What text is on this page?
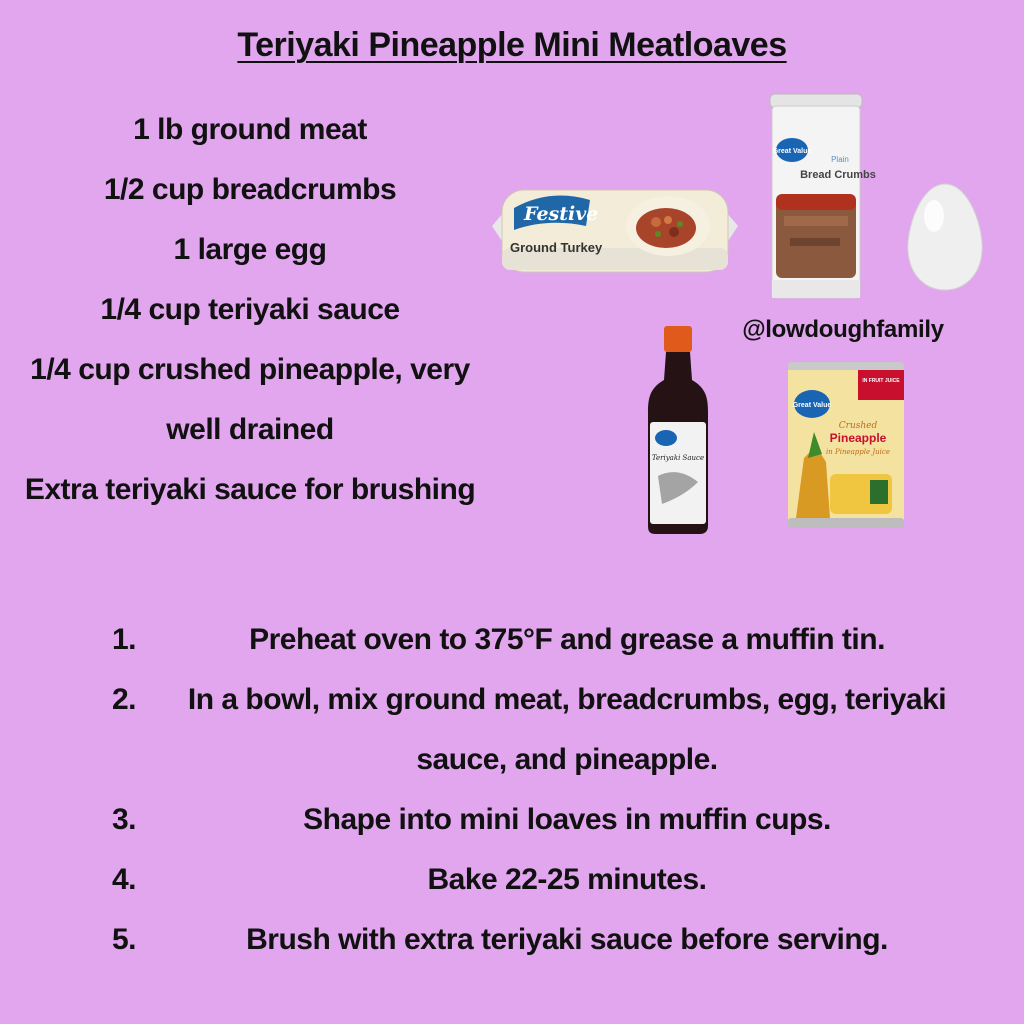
Teriyaki Pineapple Mini Meatloaves
1 lb ground meat
1/2 cup breadcrumbs
1 large egg
1/4 cup teriyaki sauce
1/4 cup crushed pineapple, very
well drained
Extra teriyaki sauce for brushing
Festive
Ground Turkey
Great Value
Plain
Bread Crumbs
@lowdoughfamily
Teriyaki Sauce
IN FRUIT JUICE
Great Value
Crushed
Pineapple
in Pineapple Juice
1.	Preheat oven to 375°F and grease a muffin tin.
2.	In a bowl, mix ground meat, breadcrumbs, egg, teriyaki sauce, and pineapple.
3.	Shape into mini loaves in muffin cups.
4.	Bake 22-25 minutes.
5.	Brush with extra teriyaki sauce before serving.
